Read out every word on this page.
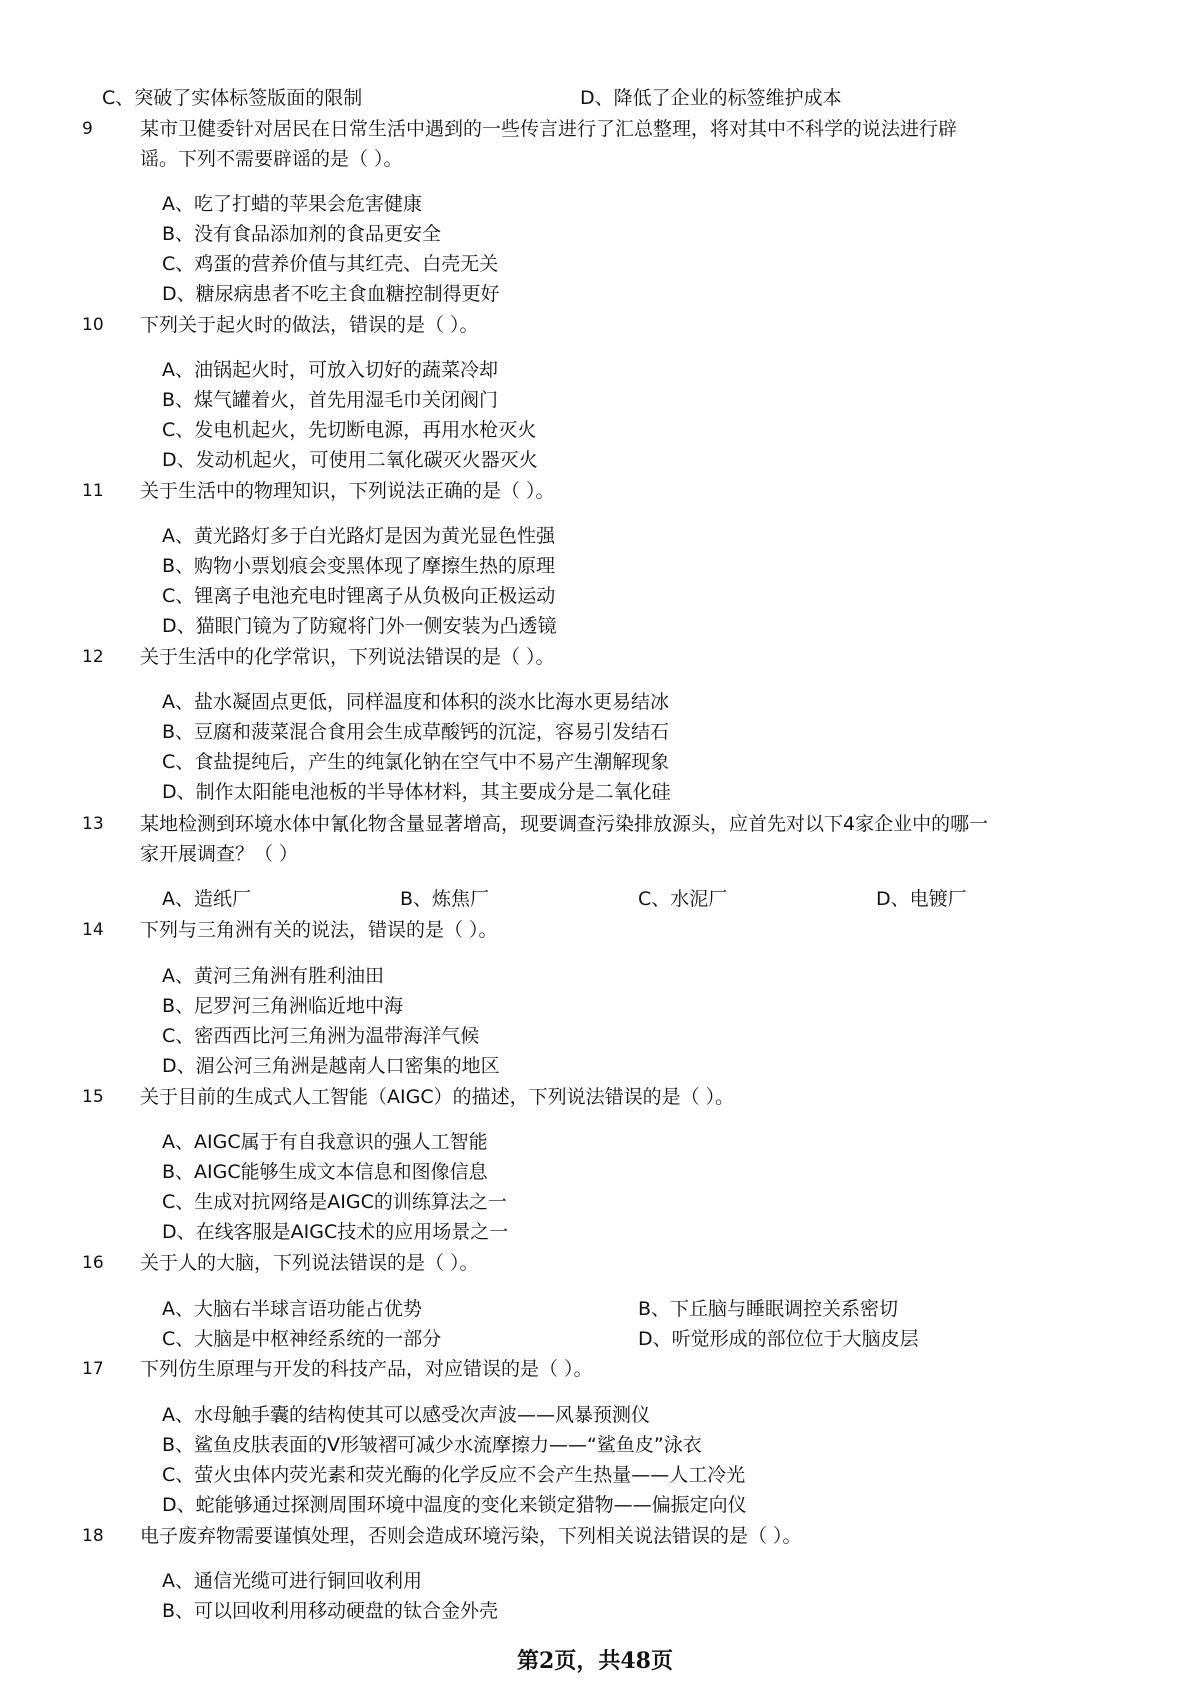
C、突破了实体标签版面的限制	D、降低了企业的标签维护成本
9 某市卫健委针对居民在日常生活中遇到的一些传言进行了汇总整理，将对其中不科学的说法进行辟
谣。下列不需要辟谣的是（ ）。
A、吃了打蜡的苹果会危害健康
B、没有食品添加剂的食品更安全
C、鸡蛋的营养价值与其红壳、白壳无关
D、糖尿病患者不吃主食血糖控制得更好
10 下列关于起火时的做法，错误的是（ ）。
A、油锅起火时，可放入切好的蔬菜冷却
B、煤气罐着火，首先用湿毛巾关闭阀门
C、发电机起火，先切断电源，再用水枪灭火
D、发动机起火，可使用二氧化碳灭火器灭火
11 关于生活中的物理知识，下列说法正确的是（ ）。
A、黄光路灯多于白光路灯是因为黄光显色性强
B、购物小票划痕会变黑体现了摩擦生热的原理
C、锂离子电池充电时锂离子从负极向正极运动
D、猫眼门镜为了防窥将门外一侧安装为凸透镜
12 关于生活中的化学常识，下列说法错误的是（ ）。
A、盐水凝固点更低，同样温度和体积的淡水比海水更易结冰
B、豆腐和菠菜混合食用会生成草酸钙的沉淀，容易引发结石
C、食盐提纯后，产生的纯氯化钠在空气中不易产生潮解现象
D、制作太阳能电池板的半导体材料，其主要成分是二氧化硅
13 某地检测到环境水体中氰化物含量显著增高，现要调查污染排放源头，应首先对以下4家企业中的哪一
家开展调查？（ ）
A、造纸厂	B、炼焦厂	C、水泥厂	D、电镀厂
14 下列与三角洲有关的说法，错误的是（ ）。
A、黄河三角洲有胜利油田
B、尼罗河三角洲临近地中海
C、密西西比河三角洲为温带海洋气候
D、湄公河三角洲是越南人口密集的地区
15 关于目前的生成式人工智能（AIGC）的描述，下列说法错误的是（ ）。
A、AIGC属于有自我意识的强人工智能
B、AIGC能够生成文本信息和图像信息
C、生成对抗网络是AIGC的训练算法之一
D、在线客服是AIGC技术的应用场景之一
16 关于人的大脑，下列说法错误的是（ ）。
A、大脑右半球言语功能占优势	B、下丘脑与睡眠调控关系密切
C、大脑是中枢神经系统的一部分	D、听觉形成的部位位于大脑皮层
17 下列仿生原理与开发的科技产品，对应错误的是（ ）。
A、水母触手囊的结构使其可以感受次声波——风暴预测仪
B、鲨鱼皮肤表面的V形皱褶可减少水流摩擦力——“鲨鱼皮”泳衣
C、萤火虫体内荧光素和荧光酶的化学反应不会产生热量——人工冷光
D、蛇能够通过探测周围环境中温度的变化来锁定猎物——偏振定向仪
18 电子废弃物需要谨慎处理，否则会造成环境污染，下列相关说法错误的是（ ）。
A、通信光缆可进行铜回收利用
B、可以回收利用移动硬盘的钛合金外壳
第2页，共48页
